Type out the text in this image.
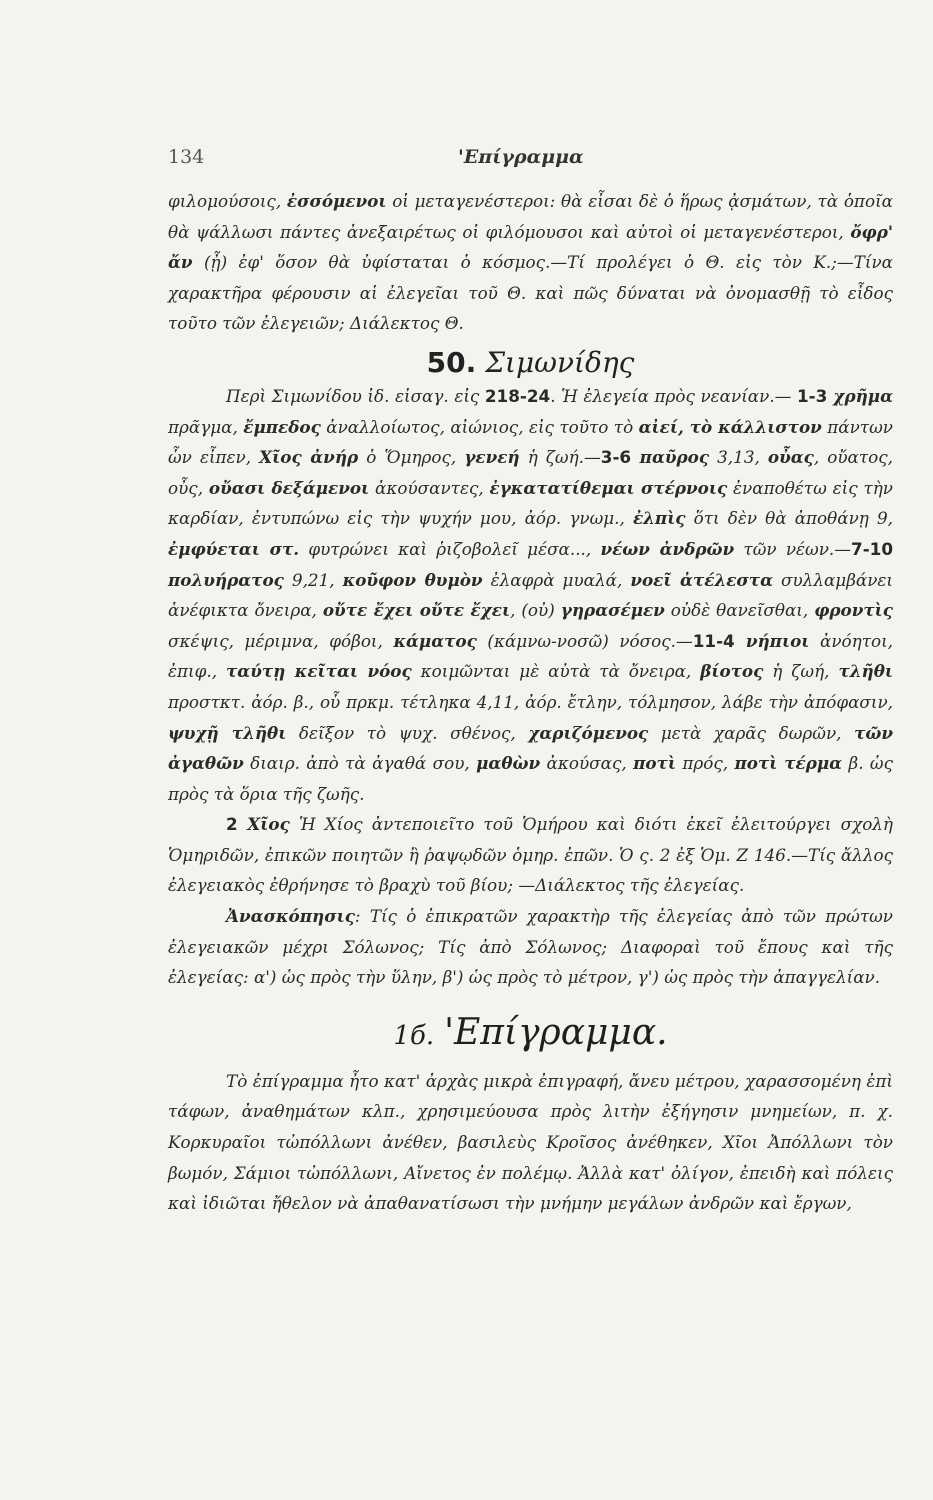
134	'Επίγραμμα

φιλομούσοις, ἐσσόμενοι οἱ μεταγενέστεροι: θὰ εἶσαι δὲ ὁ ἥρως ᾀσμάτων, τὰ ὁποῖα θὰ ψάλλωσι πάντες ἀνεξαιρέτως οἱ φιλόμουσοι καὶ αὐτοὶ οἱ μεταγενέστεροι, ὄφρ' ἄν (ᾖ) ἐφ' ὅσον θὰ ὑφίσταται ὁ κόσμος.—Τί προλέγει ὁ Θ. εἰς τὸν Κ.;—Τίνα χαρακτῆρα φέρουσιν αἱ ἐλεγεῖαι τοῦ Θ. καὶ πῶς δύναται νὰ ὀνομασθῇ τὸ εἶδος τοῦτο τῶν ἐλεγειῶν; Διάλεκτος Θ.

50. Σιμωνίδης

Περὶ Σιμωνίδου ἰδ. εἰσαγ. εἰς 218-24. Ἡ ἐλεγεία πρὸς νεανίαν.— 1-3 χρῆμα πρᾶγμα, ἔμπεδος ἀναλλοίωτος, αἰώνιος, εἰς τοῦτο τὸ αἰεί, τὸ κάλλιστον πάντων ὧν εἶπεν, Χῖος ἀνήρ ὁ Ὅμηρος, γενεή ἡ ζωή.—3-6 παῦρος 3,13, οὖας, οὔατος, οὖς, οὔασι δεξάμενοι ἀκούσαντες, ἐγκατατίθεμαι στέρνοις ἐναποθέτω εἰς τὴν καρδίαν, ἐντυπώνω εἰς τὴν ψυχήν μου, ἀόρ. γνωμ., ἐλπὶς ὅτι δὲν θὰ ἀποθάνῃ 9, ἐμφύεται στ. φυτρώνει καὶ ῥιζοβολεῖ μέσα..., νέων ἀνδρῶν τῶν νέων.—7-10 πολυήρατος 9,21, κοῦφον θυμὸν ἐλαφρὰ μυαλά, νοεῖ ἀτέλεστα συλλαμβάνει ἀνέφικτα ὄνειρα, οὔτε ἔχει οὔτε ἔχει, (οὐ) γηρασέμεν οὐδὲ θανεῖσθαι, φροντὶς σκέψις, μέριμνα, φόβοι, κάματος (κάμνω-νοσῶ) νόσος.—11-4 νήπιοι ἀνόητοι, ἐπιφ., ταύτῃ κεῖται νόος κοιμῶνται μὲ αὐτὰ τὰ ὄνειρα, βίοτος ἡ ζωή, τλῆθι προστκτ. ἀόρ. β., οὗ πρκμ. τέτληκα 4,11, ἀόρ. ἔτλην, τόλμησον, λάβε τὴν ἀπόφασιν, ψυχῇ τλῆθι δεῖξον τὸ ψυχ. σθένος, χαριζόμενος μετὰ χαρᾶς δωρῶν, τῶν ἀγαθῶν διαιρ. ἀπὸ τὰ ἀγαθά σου, μαθὼν ἀκούσας, ποτὶ πρός, ποτὶ τέρμα β. ὡς πρὸς τὰ ὅρια τῆς ζωῆς.

2 Χῖος Ἡ Χίος ἀντεποιεῖτο τοῦ Ὁμήρου καὶ διότι ἐκεῖ ἐλειτούργει σχολὴ Ὁμηριδῶν, ἐπικῶν ποιητῶν ἢ ῥαψῳδῶν ὁμηρ. ἐπῶν. Ὁ ς. 2 ἐξ Ὁμ. Ζ 146.—Τίς ἄλλος ἐλεγειακὸς ἐθρήνησε τὸ βραχὺ τοῦ βίου; —Διάλεκτος τῆς ἐλεγείας.

Ἀνασκόπησις: Τίς ὁ ἐπικρατῶν χαρακτὴρ τῆς ἐλεγείας ἀπὸ τῶν πρώτων ἐλεγειακῶν μέχρι Σόλωνος; Τίς ἀπὸ Σόλωνος; Διαφοραὶ τοῦ ἔπους καὶ τῆς ἐλεγείας: α') ὡς πρὸς τὴν ὕλην, β') ὡς πρὸς τὸ μέτρον, γ') ὡς πρὸς τὴν ἀπαγγελίαν.

1б. 'Επίγραμμα.

Τὸ ἐπίγραμμα ἦτο κατ' ἀρχὰς μικρὰ ἐπιγραφή, ἄνευ μέτρου, χαρασσομένη ἐπὶ τάφων, ἀναθημάτων κλπ., χρησιμεύουσα πρὸς λιτὴν ἐξήγησιν μνημείων, π. χ. Κορκυραῖοι τὠπόλλωνι ἀνέθεν, βασιλεὺς Κροῖσος ἀνέθηκεν, Χῖοι Ἀπόλλωνι τὸν βωμόν, Σάμιοι τὠπόλλωνι, Αἴνετος ἐν πολέμῳ. Ἀλλὰ κατ' ὀλίγον, ἐπειδὴ καὶ πόλεις καὶ ἰδιῶται ἤθελον νὰ ἀπαθανατίσωσι τὴν μνήμην μεγάλων ἀνδρῶν καὶ ἔργων,
